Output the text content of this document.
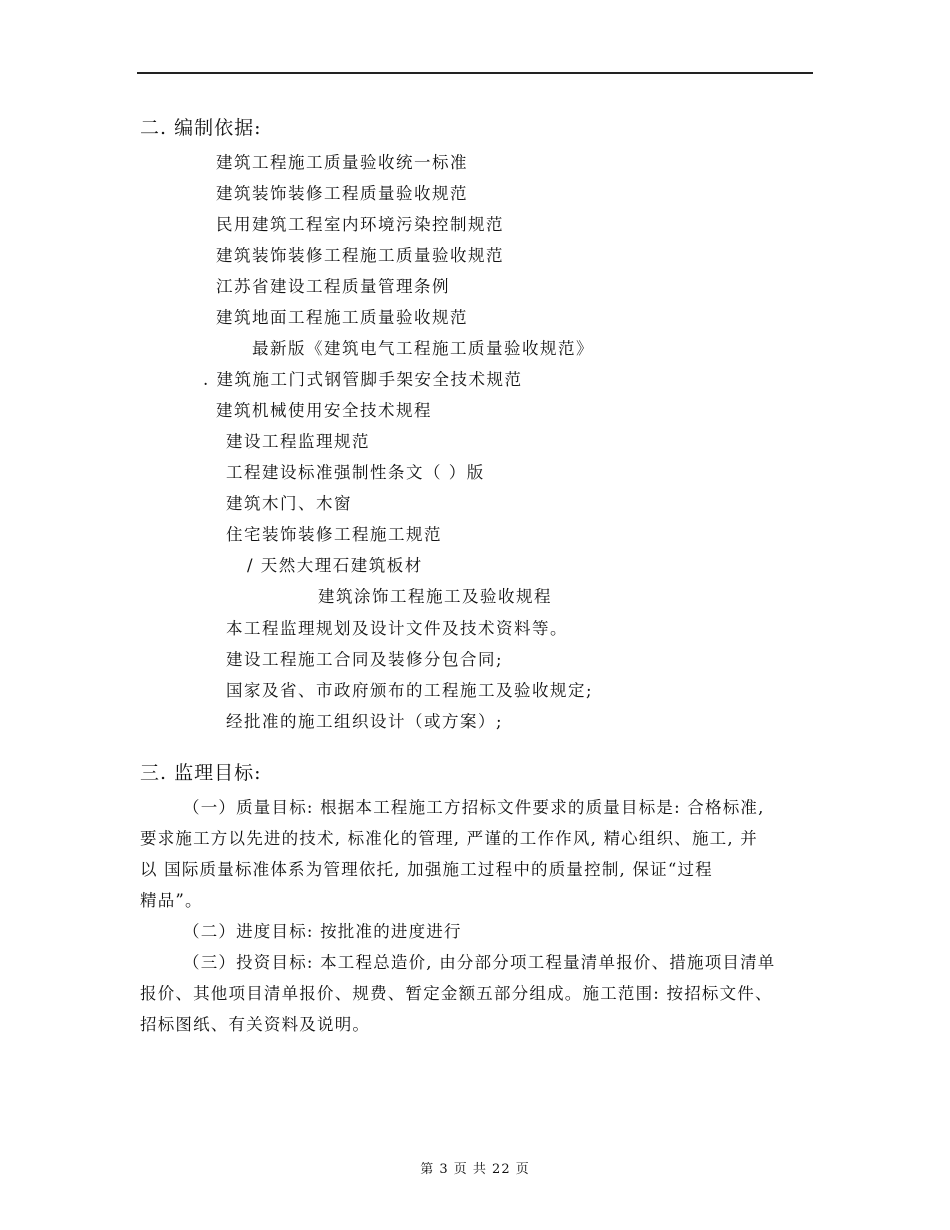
二. 编制依据:
建筑工程施工质量验收统一标准
建筑装饰装修工程质量验收规范
民用建筑工程室内环境污染控制规范
建筑装饰装修工程施工质量验收规范
江苏省建设工程质量管理条例
建筑地面工程施工质量验收规范
最新版《建筑电气工程施工质量验收规范》
. 建筑施工门式钢管脚手架安全技术规范
建筑机械使用安全技术规程
建设工程监理规范
工程建设标准强制性条文（ ）版
建筑木门、木窗
住宅装饰装修工程施工规范
/ 天然大理石建筑板材
建筑涂饰工程施工及验收规程
本工程监理规划及设计文件及技术资料等。
建设工程施工合同及装修分包合同;
国家及省、市政府颁布的工程施工及验收规定;
经批准的施工组织设计（或方案）;
三. 监理目标:
（一）质量目标: 根据本工程施工方招标文件要求的质量目标是: 合格标准,
要求施工方以先进的技术, 标准化的管理, 严谨的工作作风, 精心组织、施工, 并
以 国际质量标准体系为管理依托, 加强施工过程中的质量控制, 保证“过程
精品”。
（二）进度目标: 按批准的进度进行
（三）投资目标: 本工程总造价, 由分部分项工程量清单报价、措施项目清单
报价、其他项目清单报价、规费、暂定金额五部分组成。施工范围: 按招标文件、
招标图纸、有关资料及说明。
第 3 页 共 22 页
